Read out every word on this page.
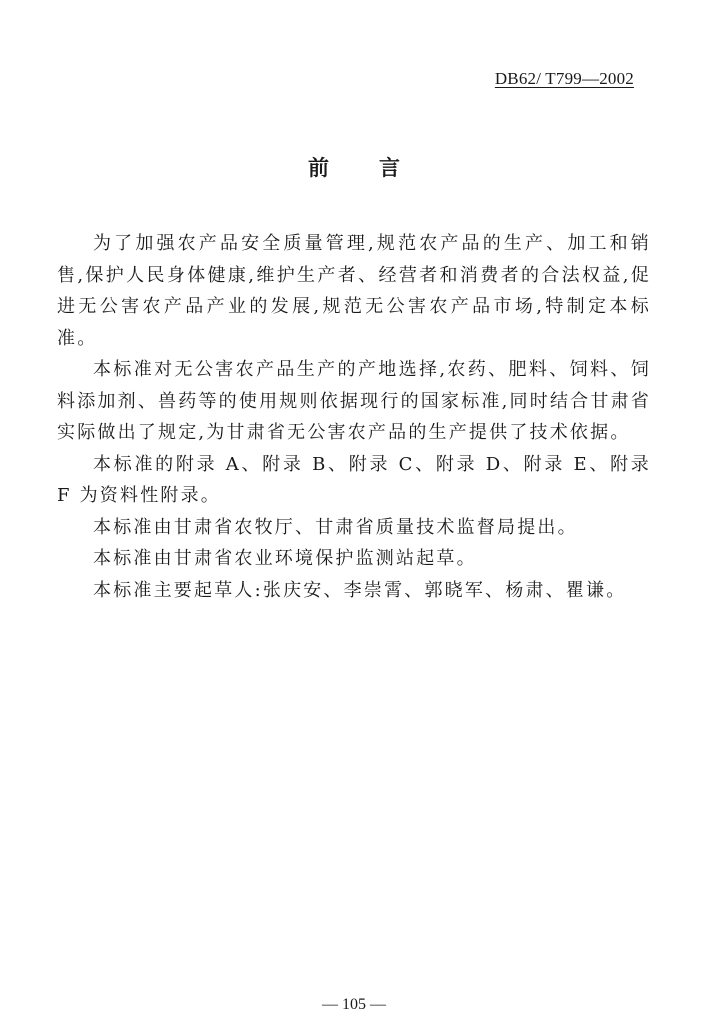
DB62/ T799—2002
前言

为了加强农产品安全质量管理,规范农产品的生产、加工和销售,保护人民身体健康,维护生产者、经营者和消费者的合法权益,促进无公害农产品产业的发展,规范无公害农产品市场,特制定本标准。

本标准对无公害农产品生产的产地选择,农药、肥料、饲料、饲料添加剂、兽药等的使用规则依据现行的国家标准,同时结合甘肃省实际做出了规定,为甘肃省无公害农产品的生产提供了技术依据。

本标准的附录 A、附录 B、附录 C、附录 D、附录 E、附录 F 为资料性附录。

本标准由甘肃省农牧厅、甘肃省质量技术监督局提出。

本标准由甘肃省农业环境保护监测站起草。

本标准主要起草人:张庆安、李崇霄、郭晓军、杨肃、瞿谦。

— 105 —
